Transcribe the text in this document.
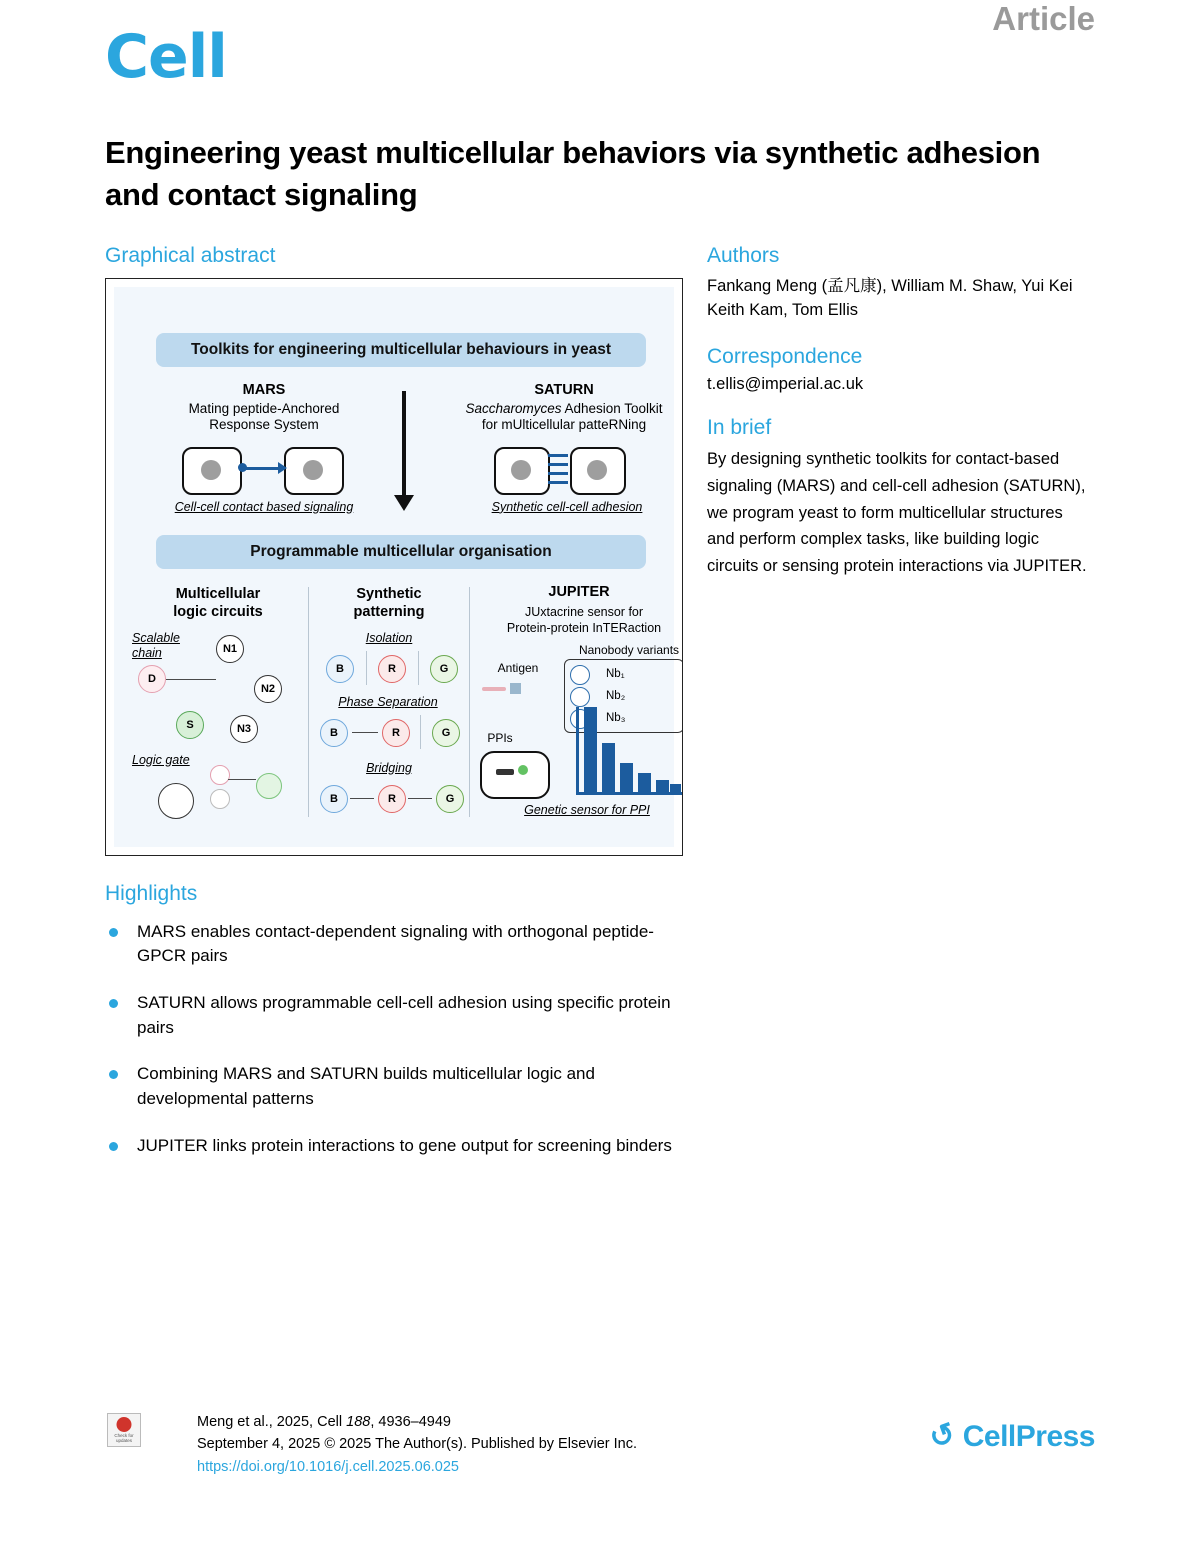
Cell
Article
Engineering yeast multicellular behaviors via synthetic adhesion and contact signaling
Graphical abstract
Toolkits for engineering multicellular behaviours in yeast
MARS
Mating peptide-Anchored
Response System
Cell-cell contact based signaling
SATURN
Saccharomyces Adhesion Toolkit
for mUlticellular patteRNing
Synthetic cell-cell adhesion
Programmable multicellular organisation
Multicellular
logic circuits
Scalable chain
D
N1
N2
N3
S
Logic gate
Synthetic
patterning
Isolation
B	R	G
Phase Separation
B	R	G
Bridging
B	R	G
JUPITER
JUxtacrine sensor for
Protein-protein InTERaction
Antigen
Nanobody variants
Nb₁
Nb₂
Nb₃
PPIs
Genetic sensor for PPI
Highlights
MARS enables contact-dependent signaling with orthogonal peptide-GPCR pairs
SATURN allows programmable cell-cell adhesion using specific protein pairs
Combining MARS and SATURN builds multicellular logic and developmental patterns
JUPITER links protein interactions to gene output for screening binders
Authors
Fankang Meng (孟凡康), William M. Shaw, Yui Kei Keith Kam, Tom Ellis
Correspondence
t.ellis@imperial.ac.uk
In brief
By designing synthetic toolkits for contact-based signaling (MARS) and cell-cell adhesion (SATURN), we program yeast to form multicellular structures and perform complex tasks, like building logic circuits or sensing protein interactions via JUPITER.
Check for updates
Meng et al., 2025, Cell 188, 4936–4949
September 4, 2025 © 2025 The Author(s). Published by Elsevier Inc.
https://doi.org/10.1016/j.cell.2025.06.025
↺ CellPress
